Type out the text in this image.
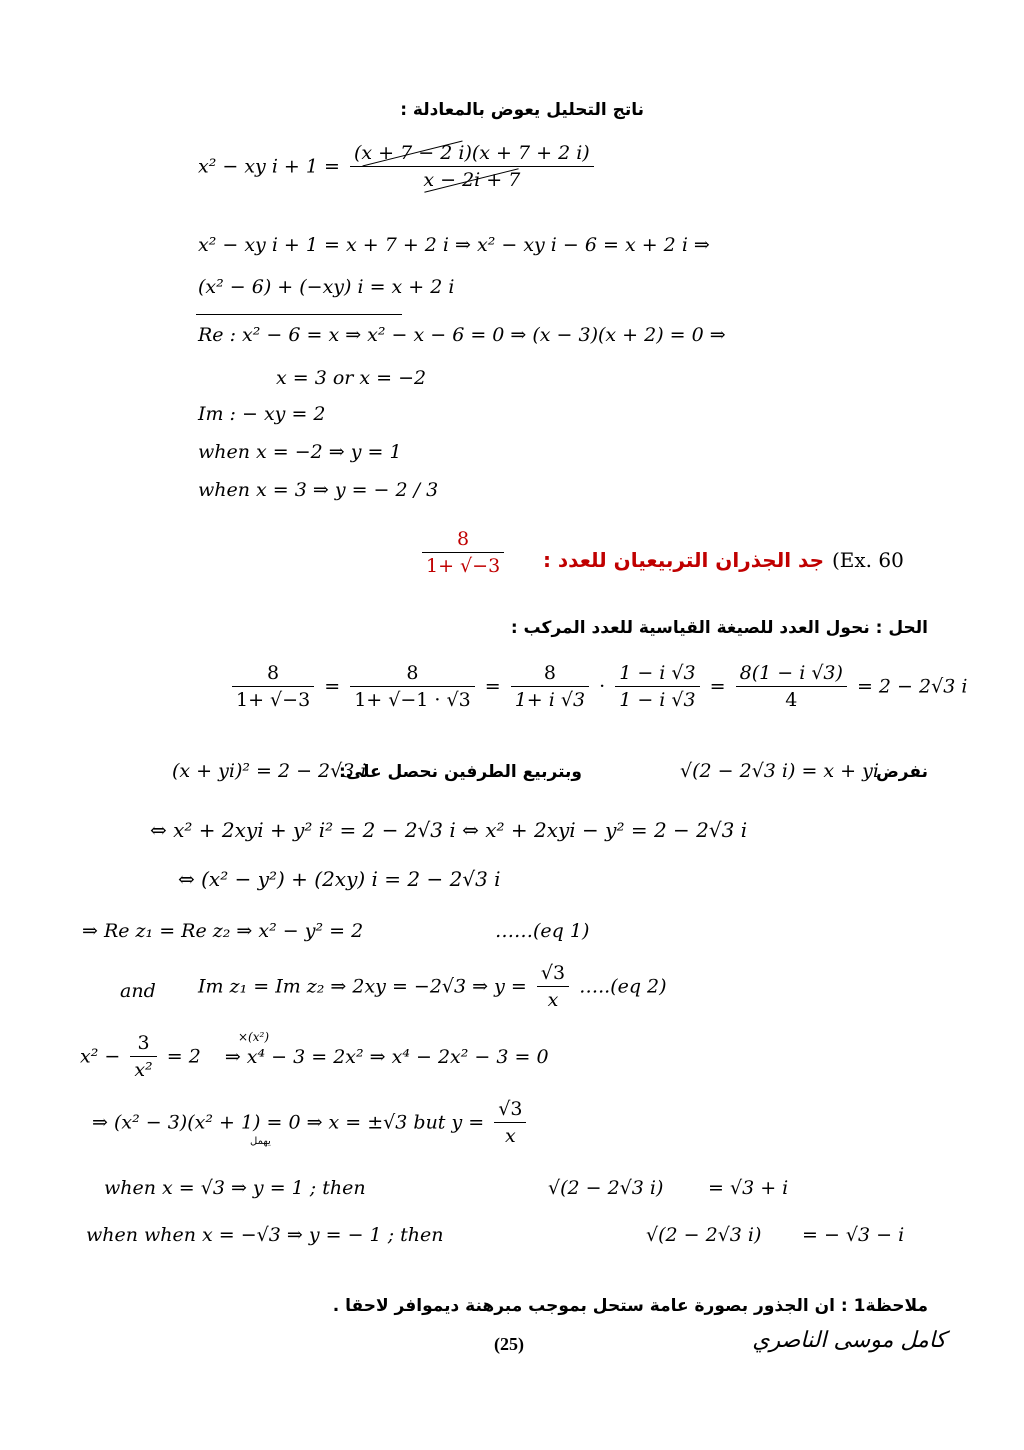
ناتج التحليل يعوض بالمعادلة :
x² − xy $i + 1 = \frac{(x + 7 - 2 i)(x + 7 + 2 i)}{x - 2i + 7}$
x² − xy i + 1 = x + 7 + 2 i ⇒ x² − xy i − 6 = x + 2 i ⇒
(x² − 6) + (−xy) i = x + 2 i
Re : x² − 6 = x ⇒ x² − x − 6 = 0 ⇒ (x − 3)(x + 2) = 0 ⇒
x = 3 or x = −2
Im : − xy = 2
when x = −2 ⇒ y = 1
when x = 3 ⇒ y = − 2 / 3
$\frac{8}{1+ √-3}$ جد الجذران التربيعيان للعدد : (Ex. 60
الحل : نحول العدد للصيغة القياسية للعدد المركب :
$\frac{8}{1+ √-3} = \frac{8}{1+ √-1 \cdot √3} = \frac{8}{1+ i √3} \cdot \frac{1 - i √3}{1 - i √3} = \frac{8(1 - i √3)}{4} = 2 - 2√3$ i
(x + yi)² = 2 − 2√3 i
وبتربيع الطرفين نحصل على:	√(2 − 2√3 i) = x + yi
نفرض
⇔ x² + 2xyi + y² i² = 2 − 2√3 i ⇔ x² + 2xyi − y² = 2 − 2√3 i
⇔ (x² − y²) + (2xy) i = 2 − 2√3 i
⇒ Re z₁ = Re z₂ ⇒ x² − y² = 2	……(eq 1)
and Im z₁ = Im z₂ ⇒ 2xy = −2√3 ⇒ $y = \frac{√3}{x}$ …..(eq 2)
×(x²)
$x^2 - \frac{3}{\text{x²}} = 2$ ⇒ x⁴ − 3 = 2x² ⇒ x⁴ − 2x² − 3 = 0
⇒ (x² − 3)(x² + 1) = 0 ⇒ x = ±√3 but $y = \frac{√3}{x}$
يهمل
when x = √3 ⇒ y = 1 ; then	√(2 − 2√3 i) = √3 + i
when when x = −√3 ⇒ y = − 1 ; then	√(2 − 2√3 i) = − √3 − i
ملاحظة1 : ان الجذور بصورة عامة ستحل بموجب مبرهنة ديموافر لاحقا .
(25)	كامل موسى الناصري
